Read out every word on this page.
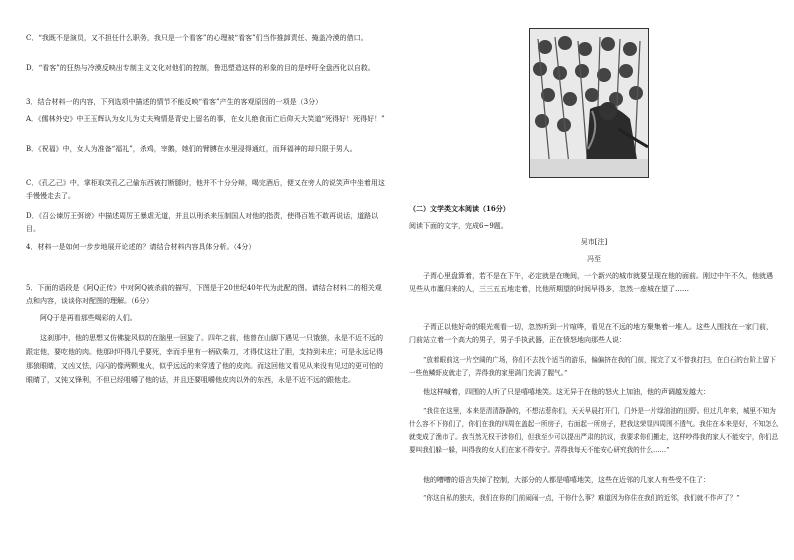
C．“我既不是演员，又不担任什么职务，我只是一个看客”的心理被“看客”们当作推卸责任、掩盖冷漠的借口。

D．“看客”的狂热与冷漠反映出专制主义文化对他们的控制，鲁迅塑造这样的形象的目的是呼吁全盘西化以自救。

3．结合材料一的内容，下列选项中描述的情节不能反映“看客”产生的客观原因的一项是（3分）

A．《儒林外史》中王玉辉认为女儿为丈夫殉情是青史上留名的事，在女儿绝食而亡后仰天大笑道“死得好！死得好！”

B．《祝福》中，女人为准备“福礼”，杀鸡，宰鹅，她们的臂膊在水里浸得通红，而拜福神的却只限于男人。

C．《孔乙己》中，掌柜取笑孔乙己偷东西被打断腿时，他并不十分分辩，喝完酒后，便又在旁人的说笑声中坐着用这手慢慢走去了。

D．《召公谏厉王弭谤》中描述周厉王暴虐无道，并且以刑杀来压制国人对他的指责，使得百姓不敢再说话，道路以目。

4．材料一是如何一步步地展开论述的？请结合材料内容具体分析。（4分）

5．下面的语段是《阿Q正传》中对阿Q被杀前的描写，下图是于20世纪40年代为此配的图。请结合材料二的相关观点和内容，谈谈你对配图的理解。（6分）

阿Q于是再看那些喝彩的人们。

这刹那中，他的思想又仿佛旋风似的在脑里一回旋了。四年之前，他曾在山脚下遇见一只饿狼，永是不近不远的跟定他，要吃他的肉。他那时吓得几乎要死，幸而手里有一柄砍柴刀，才得仗这壮了胆，支持到未庄；可是永远记得那狼眼睛，又凶又怯，闪闪的像两颗鬼火，似乎远远的来穿透了他的皮肉。而这回他又看见从来没有见过的更可怕的眼睛了，又钝又锋利，不但已经咀嚼了他的话，并且还要咀嚼他皮肉以外的东西，永是不近不远的跟他走。

（二）文学类文本阅读（16分）

阅读下面的文字，完成6~9题。

吴市[注]

冯至

子胥心里盘算着，若不是在下午，必定就是在晚间，一个新兴的城市就要呈现在他的面前。刚过中午不久，他就遇见些从市廛归来的人，三三五五地走着，比他所期望的时间早得多，忽然一座城在望了……

子胥正以他好奇的眼光观看一切，忽然听到一片喧哗，看见在不远的地方聚集着一堆人。这些人围找在一家门前，门前站立着一个高大的男子，男子手执武器，正在愤怒地向那些人说：

“放着眼前这一片空阔的广场，你们不去找个适当的游乐，偏偏挤在我的门前，搅完了又不替我打扫，在白石的台阶上留下一些鱼鳞虾皮就走了，弄得我的家里满门充满了腥气。”

他这样喊着，四围的人听了只是嘻嘻地笑。这无异于在他的怒火上加油，他的声调越发越大：

“我住在这里，本来是清清静静的，不想沾惹你们，天天早晨打开门，门外是一片绿油油的田野。但过几年来，城里不知为什么容不下你们了，你们在我的四周在盖起一所房子，右面起一所房子，把我这荣显四周围不透气。我住在本来是好，不知怎么就变成了渔市了。我当然无权干涉你们，但我至少可以提出严肃的抗议，我要求你们搬走，这样吵得我的家人不能安宁，你们总要叫我们躲一躲，叫得我的女人们在家不得安宁。弄得我每天不能安心研究我的什么……”

他的嘈嘈的语言失掉了控制，大部分的人都是嘻嘻地笑，这些在近邻的几家人有些受不住了：

“你这自私的独夫，我们在你的门前闹闹一点，干你什么事？难道因为你住在我们的近邻，我们就不作声了？”
